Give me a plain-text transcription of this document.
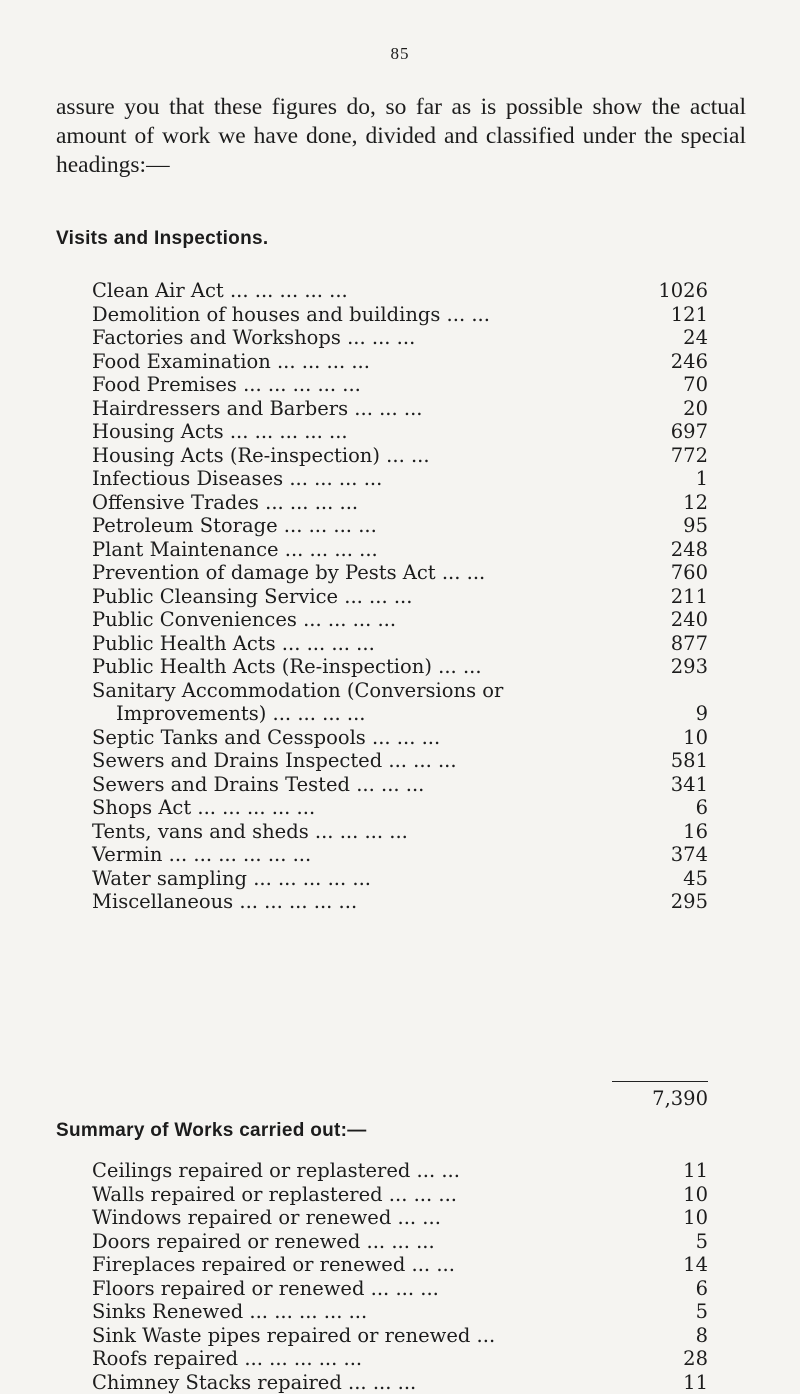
85
assure you that these figures do, so far as is possible show the actual amount of work we have done, divided and classified under the special headings:—
Visits and Inspections.
Clean Air Act ... ... ... ... ...	1026
Demolition of houses and buildings ... ...	121
Factories and Workshops ... ... ...	24
Food Examination ... ... ... ...	246
Food Premises ... ... ... ... ...	70
Hairdressers and Barbers ... ... ...	20
Housing Acts ... ... ... ... ...	697
Housing Acts (Re-inspection) ... ...	772
Infectious Diseases ... ... ... ...	1
Offensive Trades ... ... ... ...	12
Petroleum Storage ... ... ... ...	95
Plant Maintenance ... ... ... ...	248
Prevention of damage by Pests Act ... ...	760
Public Cleansing Service ... ... ...	211
Public Conveniences ... ... ... ...	240
Public Health Acts ... ... ... ...	877
Public Health Acts (Re-inspection) ... ...	293
Sanitary Accommodation (Conversions or
Improvements) ... ... ... ...	9
Septic Tanks and Cesspools ... ... ...	10
Sewers and Drains Inspected ... ... ...	581
Sewers and Drains Tested ... ... ...	341
Shops Act ... ... ... ... ...	6
Tents, vans and sheds ... ... ... ...	16
Vermin ... ... ... ... ... ...	374
Water sampling ... ... ... ... ...	45
Miscellaneous ... ... ... ... ...	295
7,390
Summary of Works carried out:—
Ceilings repaired or replastered ... ...	11
Walls repaired or replastered ... ... ...	10
Windows repaired or renewed ... ...	10
Doors repaired or renewed ... ... ...	5
Fireplaces repaired or renewed ... ...	14
Floors repaired or renewed ... ... ...	6
Sinks Renewed ... ... ... ... ...	5
Sink Waste pipes repaired or renewed ...	8
Roofs repaired ... ... ... ... ...	28
Chimney Stacks repaired ... ... ...	11
